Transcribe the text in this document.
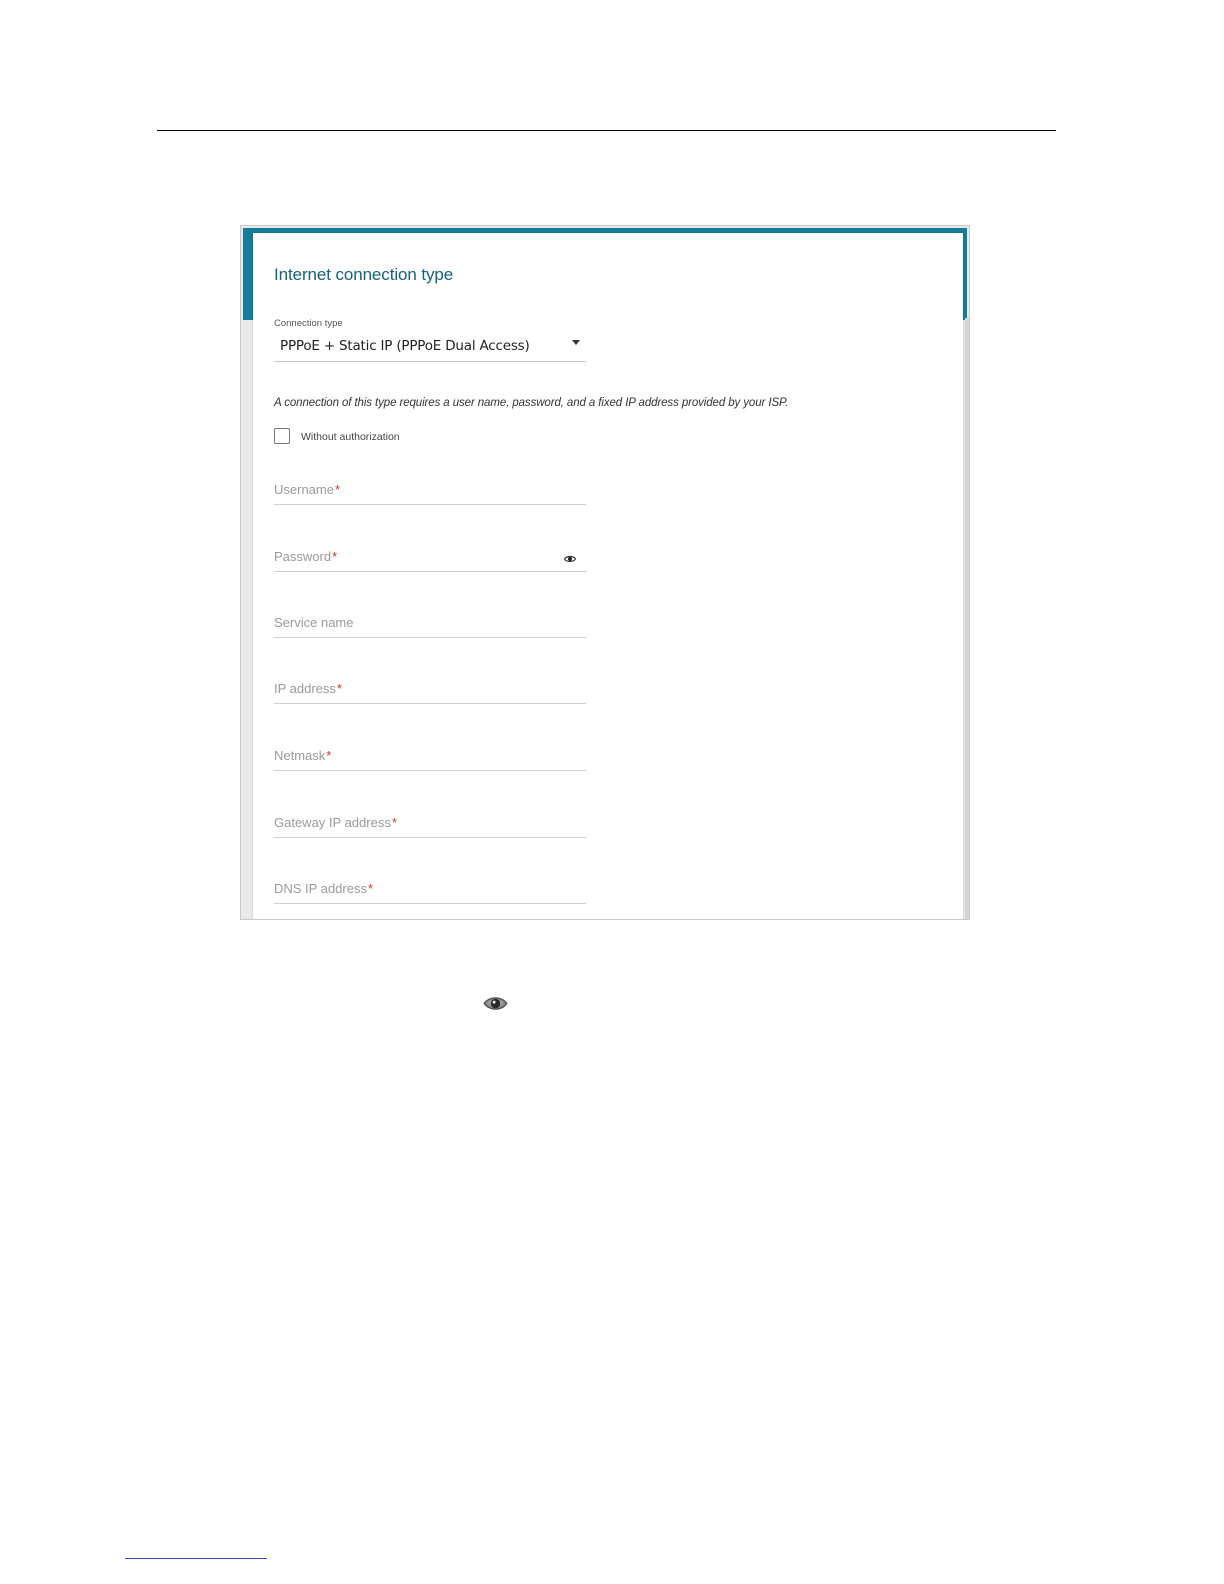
Internet connection type
Connection type
PPPoE + Static IP (PPPoE Dual Access)
A connection of this type requires a user name, password, and a fixed IP address provided by your ISP.
Without authorization
Username*
Password*
Service name
IP address*
Netmask*
Gateway IP address*
DNS IP address*
